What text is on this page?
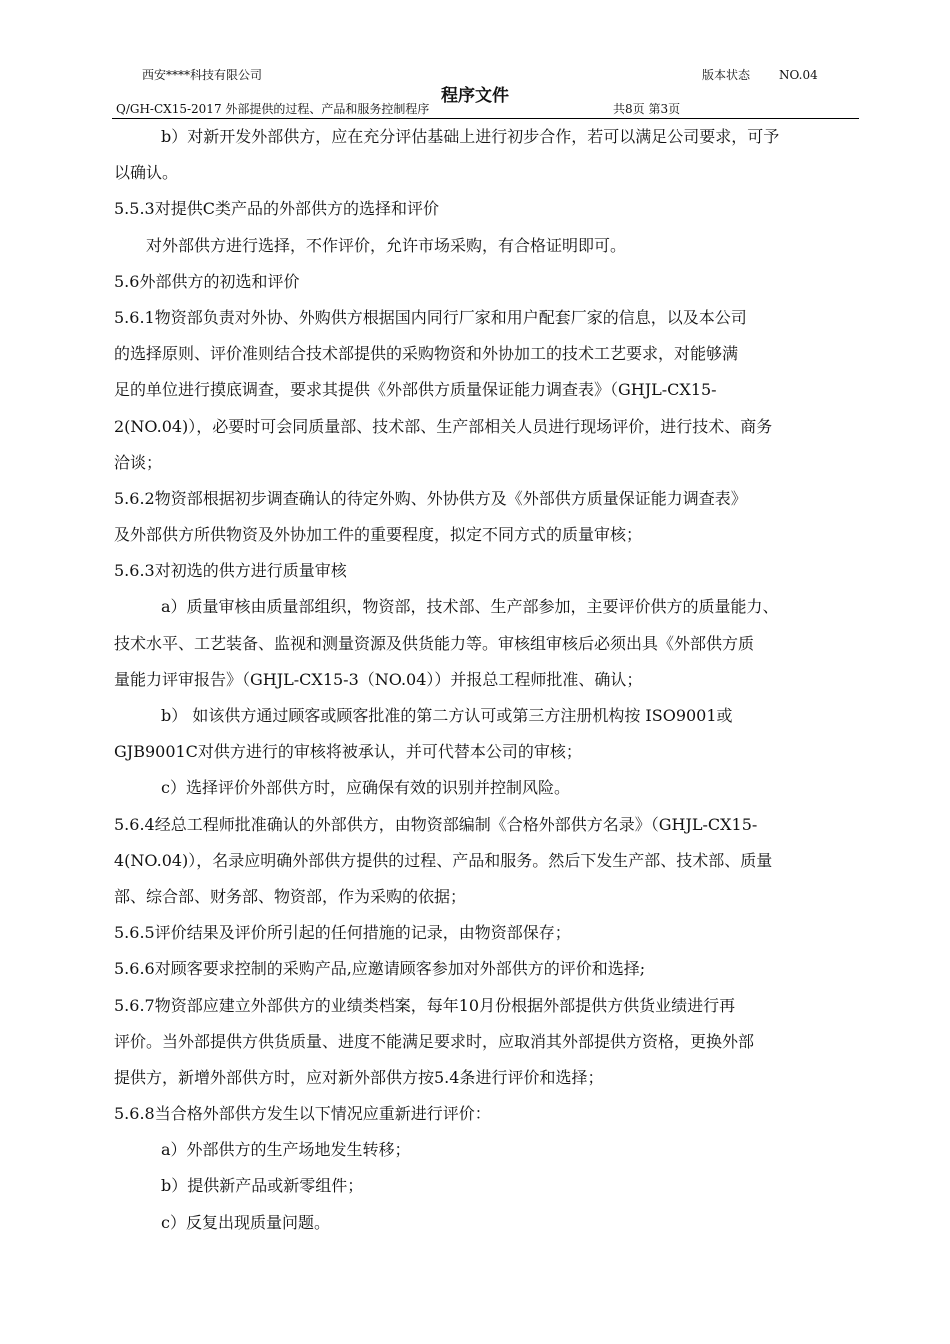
西安****科技有限公司	版本状态 NO.04
程序文件
Q/GH-CX15-2017 外部提供的过程、产品和服务控制程序	共8页 第3页
b）对新开发外部供方，应在充分评估基础上进行初步合作，若可以满足公司要求，可予
以确认。
5.5.3对提供C类产品的外部供方的选择和评价
对外部供方进行选择，不作评价，允许市场采购，有合格证明即可。
5.6外部供方的初选和评价
5.6.1物资部负责对外协、外购供方根据国内同行厂家和用户配套厂家的信息，以及本公司
的选择原则、评价准则结合技术部提供的采购物资和外协加工的技术工艺要求，对能够满
足的单位进行摸底调查，要求其提供《外部供方质量保证能力调查表》（GHJL-CX15-
2(NO.04)），必要时可会同质量部、技术部、生产部相关人员进行现场评价，进行技术、商务
洽谈；
5.6.2物资部根据初步调查确认的待定外购、外协供方及《外部供方质量保证能力调查表》
及外部供方所供物资及外协加工件的重要程度，拟定不同方式的质量审核；
5.6.3对初选的供方进行质量审核
a）质量审核由质量部组织，物资部，技术部、生产部参加，主要评价供方的质量能力、
技术水平、工艺装备、监视和测量资源及供货能力等。审核组审核后必须出具《外部供方质
量能力评审报告》（GHJL-CX15-3（NO.04））并报总工程师批准、确认；
b） 如该供方通过顾客或顾客批准的第二方认可或第三方注册机构按 ISO9001或
GJB9001C对供方进行的审核将被承认，并可代替本公司的审核；
c）选择评价外部供方时，应确保有效的识别并控制风险。
5.6.4经总工程师批准确认的外部供方，由物资部编制《合格外部供方名录》（GHJL-CX15-
4(NO.04)），名录应明确外部供方提供的过程、产品和服务。然后下发生产部、技术部、质量
部、综合部、财务部、物资部，作为采购的依据；
5.6.5评价结果及评价所引起的任何措施的记录，由物资部保存；
5.6.6对顾客要求控制的采购产品,应邀请顾客参加对外部供方的评价和选择;
5.6.7物资部应建立外部供方的业绩类档案，每年10月份根据外部提供方供货业绩进行再
评价。当外部提供方供货质量、进度不能满足要求时，应取消其外部提供方资格，更换外部
提供方，新增外部供方时，应对新外部供方按5.4条进行评价和选择；
5.6.8当合格外部供方发生以下情况应重新进行评价：
a）外部供方的生产场地发生转移；
b）提供新产品或新零组件；
c）反复出现质量问题。
